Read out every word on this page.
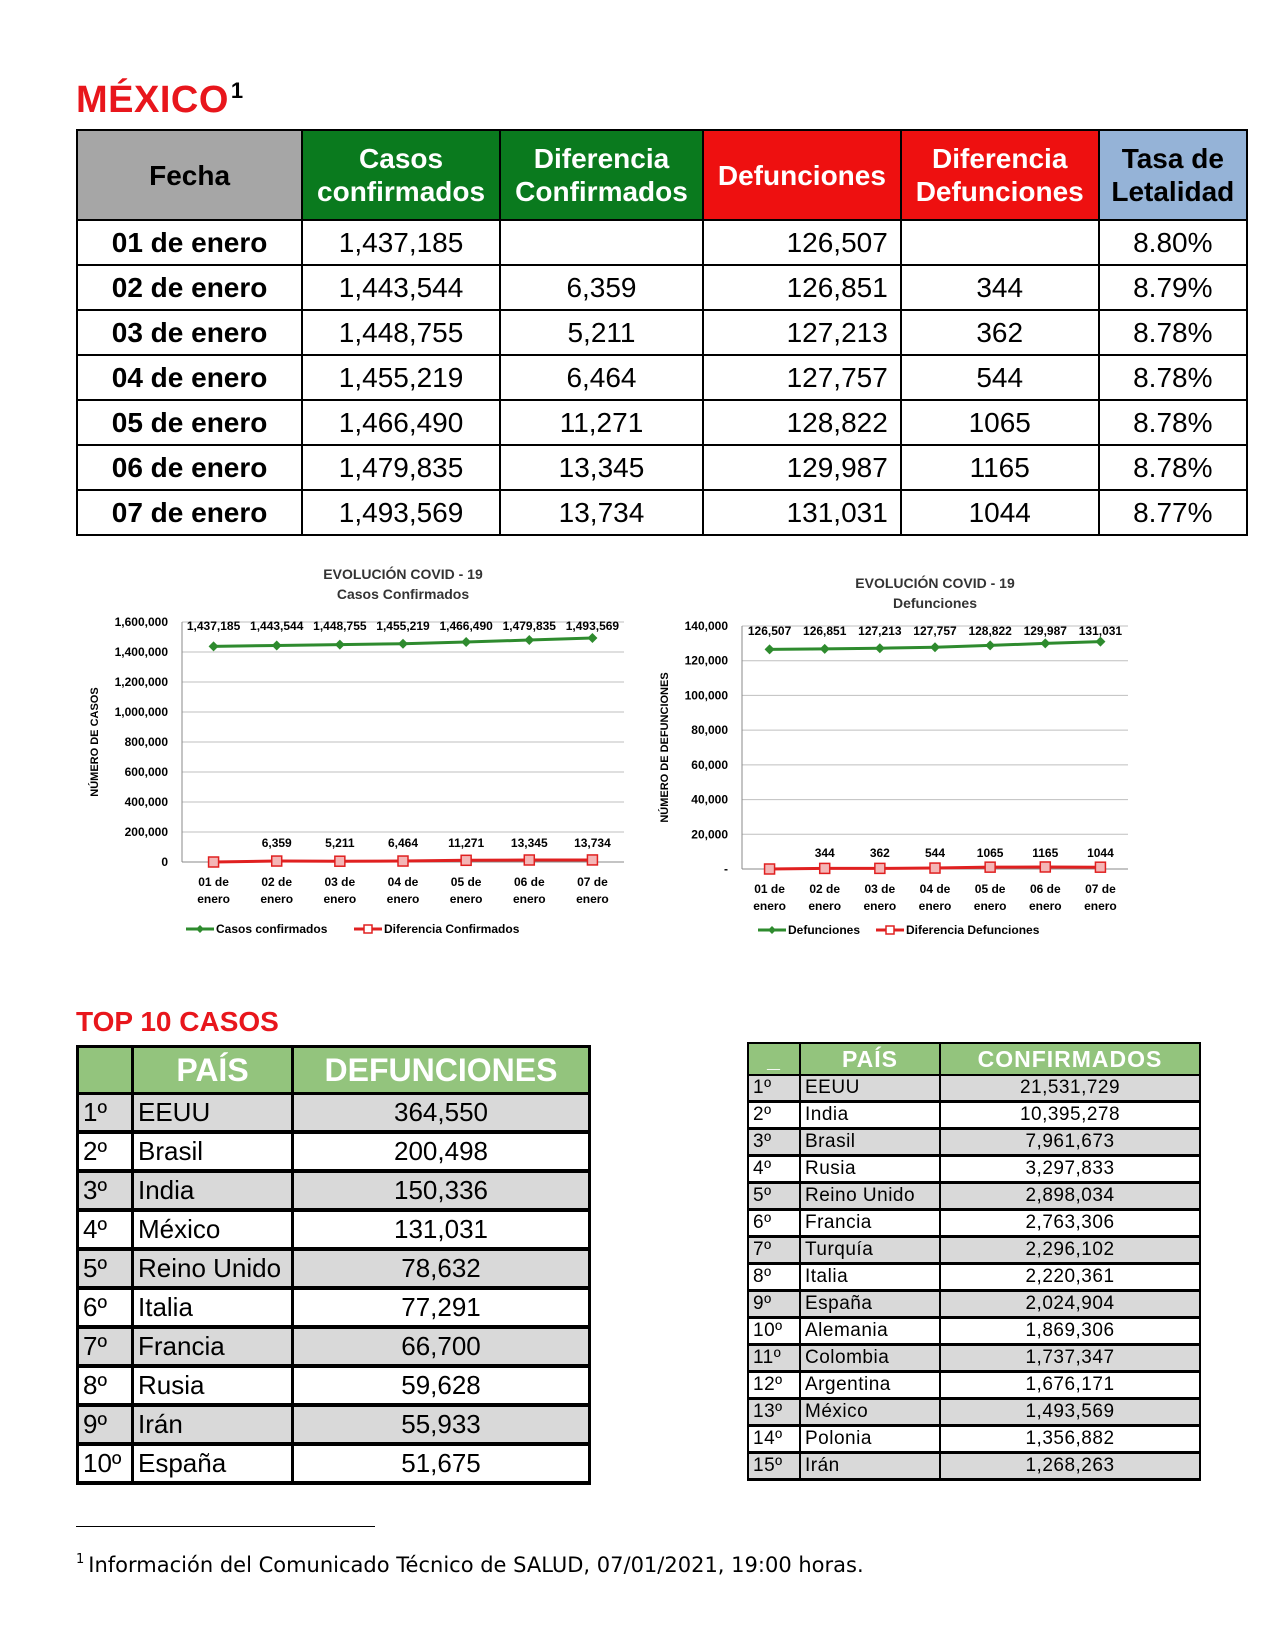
MÉXICO$^1$
Fecha	Casos confirmados	Diferencia Confirmados	Defunciones	Diferencia Defunciones	Tasa de Letalidad
01 de enero	1,437,185		126,507		8.80%
02 de enero	1,443,544	6,359	126,851	344	8.79%
03 de enero	1,448,755	5,211	127,213	362	8.78%
04 de enero	1,455,219	6,464	127,757	544	8.78%
05 de enero	1,466,490	11,271	128,822	1065	8.78%
06 de enero	1,479,835	13,345	129,987	1165	8.78%
07 de enero	1,493,569	13,734	131,031	1044	8.77%
EVOLUCIÓN COVID - 19
Casos Confirmados
NÚMERO DE CASOS
0
200,000
400,000
600,000
800,000
1,000,000
1,200,000
1,400,000
1,600,000
01 de enero
02 de enero
03 de enero
04 de enero
05 de enero
06 de enero
07 de enero
1,437,185 1,443,544 1,448,755 1,455,219 1,466,490 1,479,835 1,493,569
6,359	5,211	6,464	11,271 13,345 13,734
Casos confirmados	Diferencia Confirmados
EVOLUCIÓN COVID - 19
Defunciones
NÚMERO DE DEFUNCIONES
-
20,000
40,000
60,000
80,000
100,000
120,000
140,000
01 de enero
02 de enero
03 de enero
04 de enero
05 de enero
06 de enero
07 de enero
126,507 126,851 127,213 127,757 128,822 129,987 131,031
344	362	544	1065 1165 1044
Defunciones	Diferencia Defunciones
TOP 10 CASOS
	PAÍS	DEFUNCIONES
1º	EEUU	364,550
2º	Brasil	200,498
3º	India	150,336
4º	México	131,031
5º	Reino Unido	78,632
6º	Italia	77,291
7º	Francia	66,700
8º	Rusia	59,628
9º	Irán	55,933
10º	España	51,675
_	PAÍS	CONFIRMADOS
1º	EEUU	21,531,729
2º	India	10,395,278
3º	Brasil	7,961,673
4º	Rusia	3,297,833
5º	Reino Unido	2,898,034
6º	Francia	2,763,306
7º	Turquía	2,296,102
8º	Italia	2,220,361
9º	España	2,024,904
10º	Alemania	1,869,306
11º	Colombia	1,737,347
12º	Argentina	1,676,171
13º	México	1,493,569
14º	Polonia	1,356,882
15º	Irán	1,268,263
$^1$ Información del Comunicado Técnico de SALUD, 07/01/2021, 19:00 horas.
